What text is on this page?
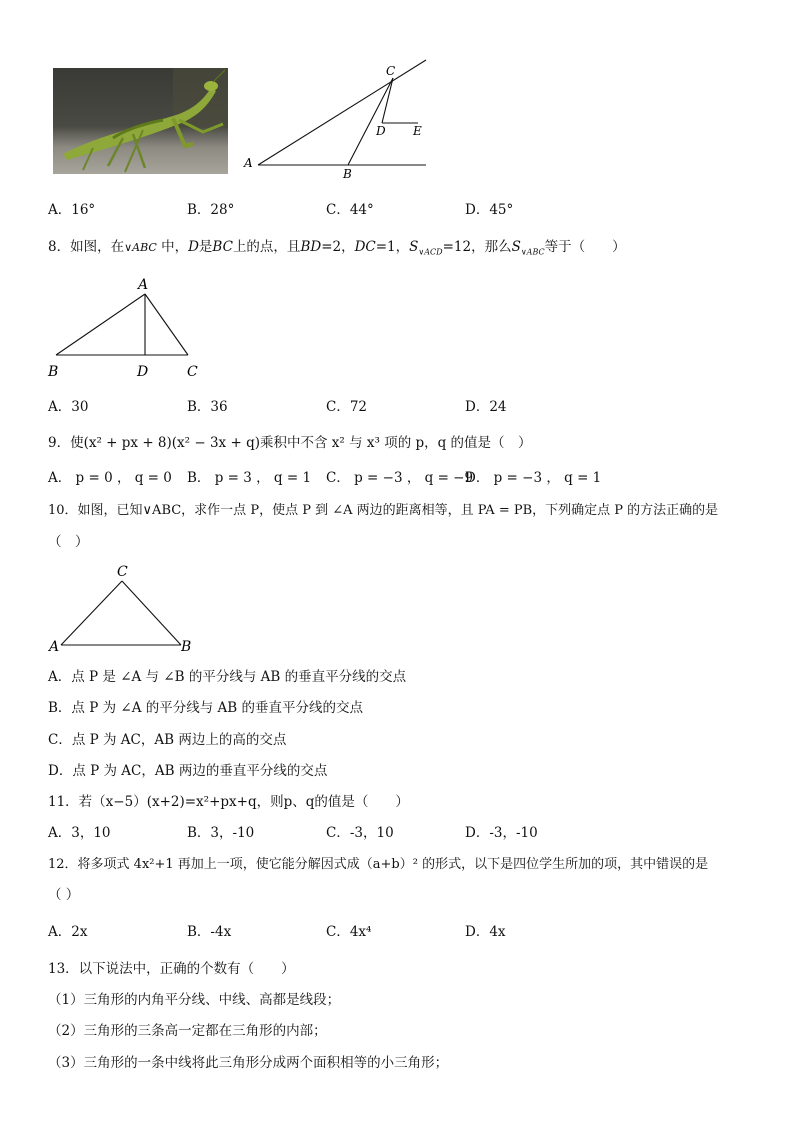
C
D E
A
B
A．16°	B．28°	C．44°	D．45°
8．如图，在∨ABC 中，D是BC上的点，且BD=2，DC=1，$S_{\vee ACD}=12$，那么$S_{\vee ABC}$等于（　　）
A
B	D	C
A．30	B．36	C．72	D．24
9．使(x² + px + 8)(x² − 3x + q)乘积中不含 x² 与 x³ 项的 p，q 的值是（　）
A． p = 0 ， q = 0 B． p = 3 ， q = 1 C． p = −3 ， q = −9
D． p = −3 ， q = 1
10．如图，已知∨ABC，求作一点 P，使点 P 到 ∠A 两边的距离相等，且 PA = PB，下列确定点 P 的方法正确的是
（　）
C
A	B
A．点 P 是 ∠A 与 ∠B 的平分线与 AB 的垂直平分线的交点
B．点 P 为 ∠A 的平分线与 AB 的垂直平分线的交点
C．点 P 为 AC，AB 两边上的高的交点
D．点 P 为 AC，AB 两边的垂直平分线的交点
11．若（x−5）(x+2)=x²+px+q，则p、q的值是（　　）
A．3，10	B．3，-10	C．-3，10	D．-3，-10
12．将多项式 4x²+1 再加上一项，使它能分解因式成（a+b）² 的形式，以下是四位学生所加的项，其中错误的是
（ ）
A．2x	B．-4x	C．4x⁴	D．4x
13．以下说法中，正确的个数有（　　）
（1）三角形的内角平分线、中线、高都是线段；
（2）三角形的三条高一定都在三角形的内部；
（3）三角形的一条中线将此三角形分成两个面积相等的小三角形；
